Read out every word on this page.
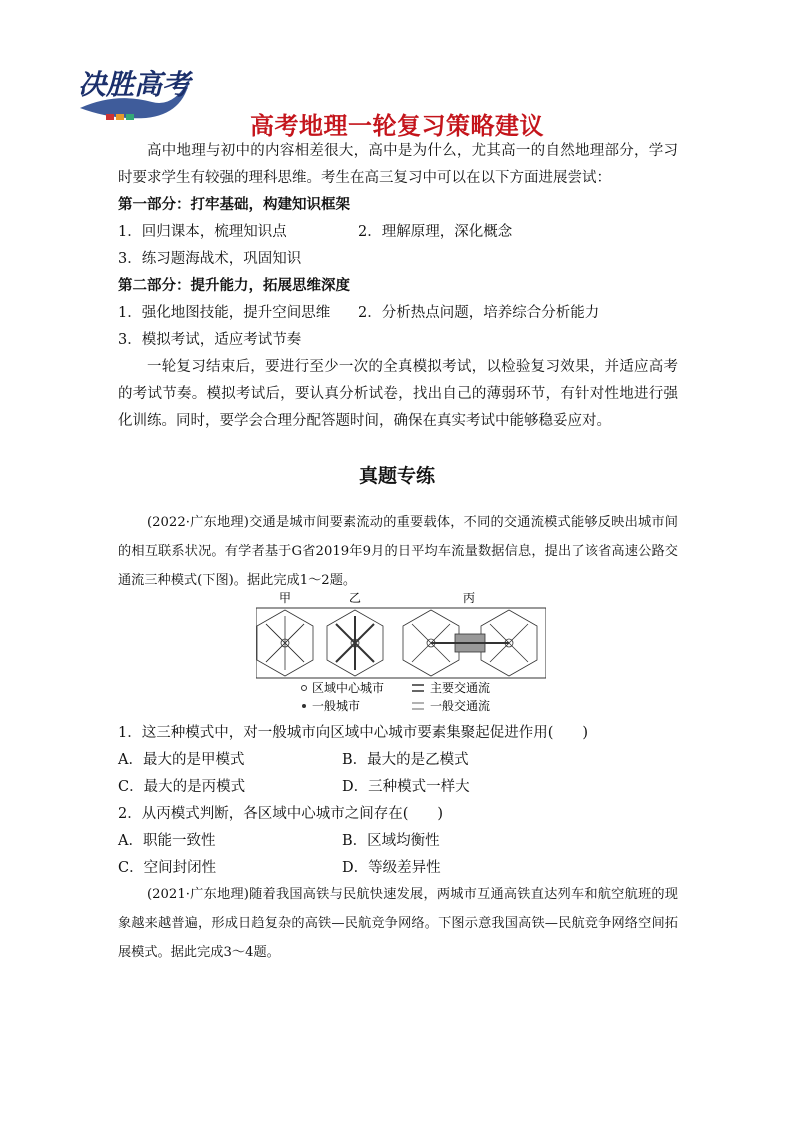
决胜高考
高考地理一轮复习策略建议
高中地理与初中的内容相差很大，高中是为什么，尤其高一的自然地理部分，学习时要求学生有较强的理科思维。考生在高三复习中可以在以下方面进展尝试：
第一部分：打牢基础，构建知识框架
1．回归课本，梳理知识点	2．理解原理，深化概念
3．练习题海战术，巩固知识
第二部分：提升能力，拓展思维深度
1．强化地图技能，提升空间思维 2．分析热点问题，培养综合分析能力
3．模拟考试，适应考试节奏
一轮复习结束后，要进行至少一次的全真模拟考试，以检验复习效果，并适应高考的考试节奏。模拟考试后，要认真分析试卷，找出自己的薄弱环节，有针对性地进行强化训练。同时，要学会合理分配答题时间，确保在真实考试中能够稳妥应对。
真题专练
(2022·广东地理)交通是城市间要素流动的重要载体，不同的交通流模式能够反映出城市间的相互联系状况。有学者基于G省2019年9月的日平均车流量数据信息，提出了该省高速公路交通流三种模式(下图)。据此完成1～2题。
甲	乙	丙
区域中心城市	主要交通流
一般城市	一般交通流
1．这三种模式中，对一般城市向区域中心城市要素集聚起促进作用(　　)
A．最大的是甲模式	B．最大的是乙模式
C．最大的是丙模式	D．三种模式一样大
2．从丙模式判断，各区域中心城市之间存在(　　)
A．职能一致性	B．区域均衡性
C．空间封闭性	D．等级差异性
(2021·广东地理)随着我国高铁与民航快速发展，两城市互通高铁直达列车和航空航班的现象越来越普遍，形成日趋复杂的高铁—民航竞争网络。下图示意我国高铁—民航竞争网络空间拓展模式。据此完成3～4题。
